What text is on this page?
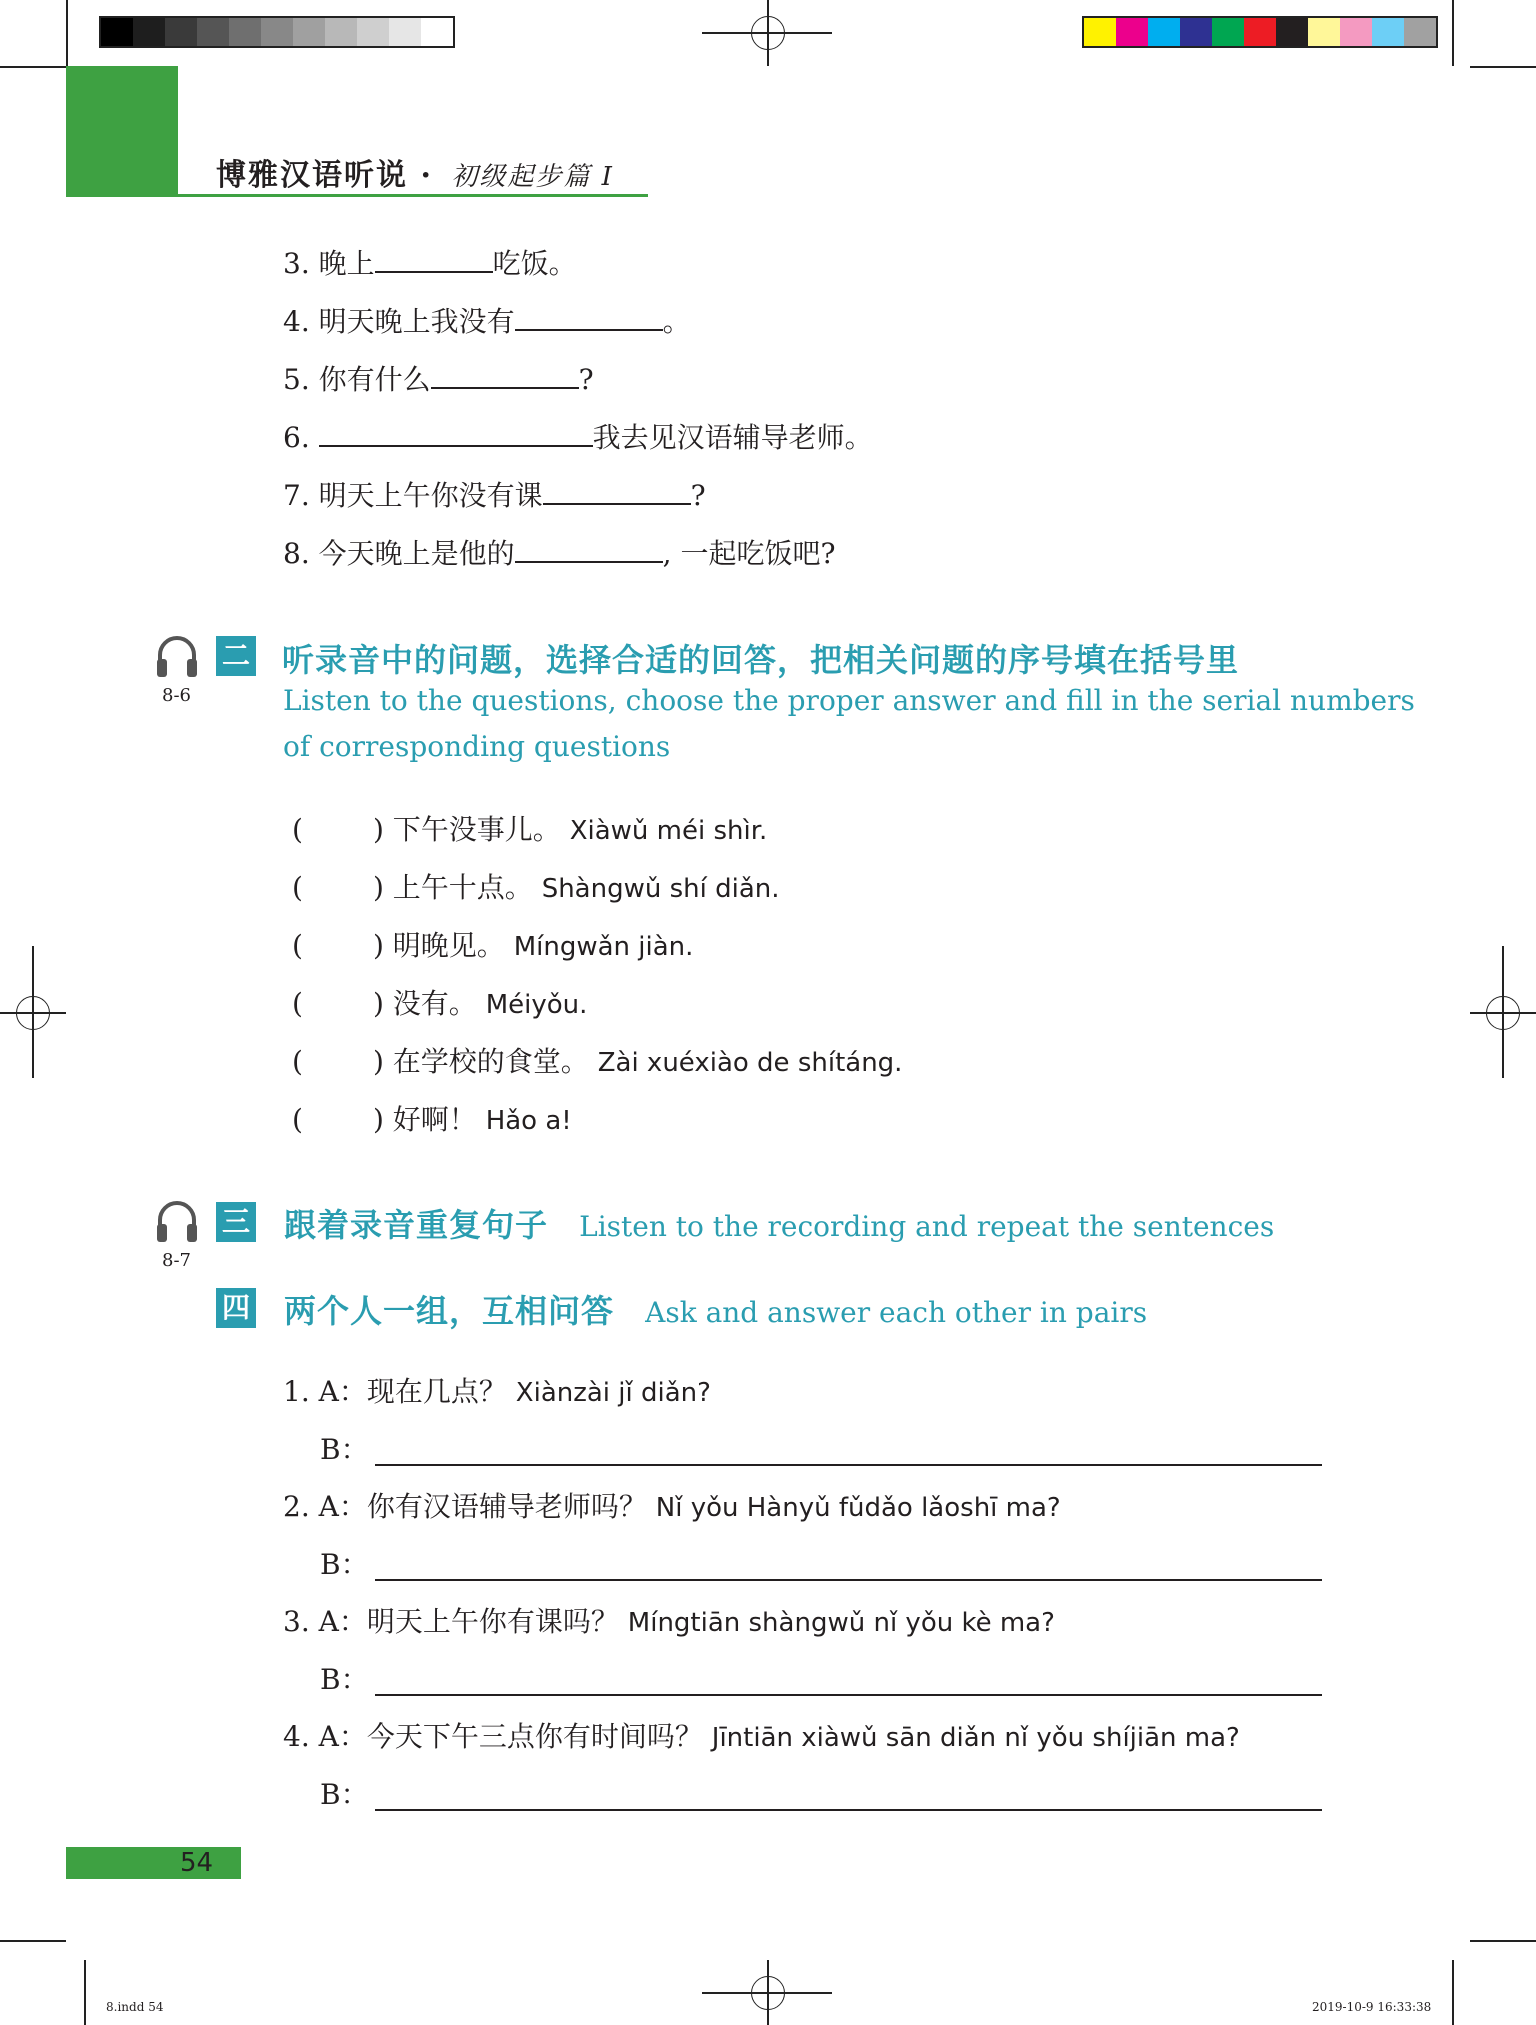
博雅汉语听说 · 初级起步篇 I
3. 晚上	吃饭。
4. 明天晚上我没有	。
5. 你有什么	?
6.	我去见汉语辅导老师。
7. 明天上午你没有课	?
8. 今天晚上是他的	, 一起吃饭吧?
8-6
二 听录音中的问题，选择合适的回答，把相关问题的序号填在括号里
Listen to the questions, choose the proper answer and fill in the serial numbers
of corresponding questions
(	) 下午没事儿。 Xiàwǔ méi shìr.
(	) 上午十点。 Shàngwǔ shí diǎn.
(	) 明晚见。 Míngwǎn jiàn.
(	) 没有。 Méiyǒu.
(	) 在学校的食堂。 Zài xuéxiào de shítáng.
(	) 好啊！ Hǎo a!
8-7
三 跟着录音重复句子 Listen to the recording and repeat the sentences
四 两个人一组，互相问答 Ask and answer each other in pairs
1. A：现在几点？ Xiànzài jǐ diǎn?
B：
2. A：你有汉语辅导老师吗？ Nǐ yǒu Hànyǔ fǔdǎo lǎoshī ma?
B：
3. A：明天上午你有课吗？ Míngtiān shàngwǔ nǐ yǒu kè ma?
B：
4. A：今天下午三点你有时间吗？ Jīntiān xiàwǔ sān diǎn nǐ yǒu shíjiān ma?
B：
54
8.indd 54	2019-10-9 16:33:38
